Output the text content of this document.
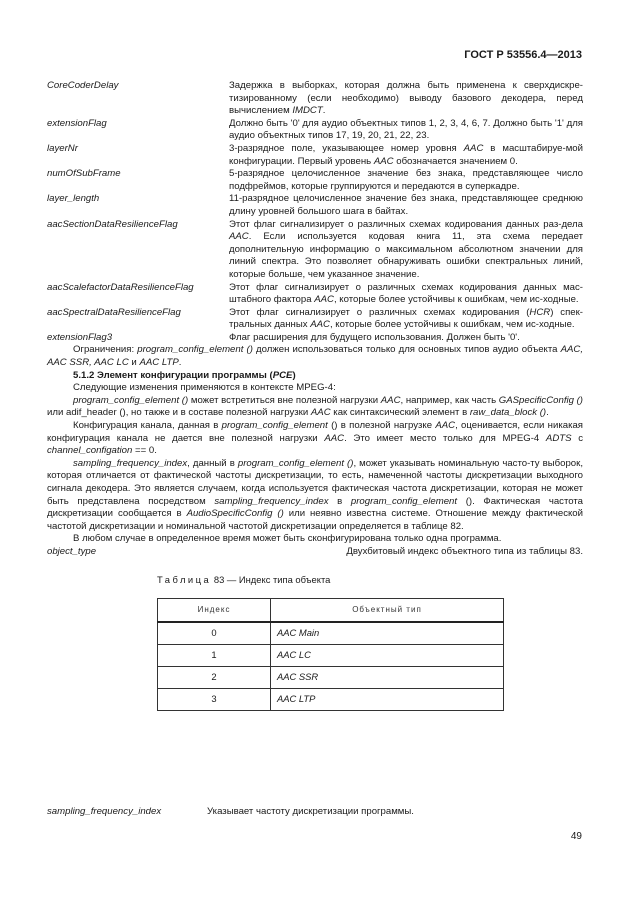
ГОСТ Р 53556.4—2013
CoreCoderDelay	Задержка в выборках, которая должна быть применена к сверхдискре-тизированному (если необходимо) выводу базового декодера, перед вычислением IMDCT.
extensionFlag	Должно быть '0' для аудио объектных типов 1, 2, 3, 4, 6, 7. Должно быть '1' для аудио объектных типов 17, 19, 20, 21, 22, 23.
layerNr	3-разрядное поле, указывающее номер уровня AAC в масштабируе-мой конфигурации. Первый уровень AAC обозначается значением 0.
numOfSubFrame	5-разрядное целочисленное значение без знака, представляющее число подфреймов, которые группируются и передаются в суперкадре.
layer_length	11-разрядное целочисленное значение без знака, представляющее среднюю длину уровней большого шага в байтах.
aacSectionDataResilienceFlag	Этот флаг сигнализирует о различных схемах кодирования данных раз-дела AAC. Если используется кодовая книга 11, эта схема передает дополнительную информацию о максимальном абсолютном значении для линий спектра. Это позволяет обнаруживать ошибки спектральных линий, которые больше, чем указанное значение.
aacScalefactorDataResilienceFlag	Этот флаг сигнализирует о различных схемах кодирования данных мас-штабного фактора AAC, которые более устойчивы к ошибкам, чем ис-ходные.
aacSpectralDataResilienceFlag	Этот флаг сигнализирует о различных схемах кодирования (HCR) спек-тральных данных AAC, которые более устойчивы к ошибкам, чем ис-ходные.
extensionFlag3	Флаг расширения для будущего использования. Должен быть '0'.

Ограничения: program_config_element () должен использоваться только для основных типов аудио объекта AAC, AAC SSR, AAC LC и AAC LTP.

5.1.2 Элемент конфигурации программы (PCE)

Следующие изменения применяются в контексте MPEG-4:

program_config_element () может встретиться вне полезной нагрузки AAC, например, как часть GASpecificConfig () или adif_header (), но также и в составе полезной нагрузки AAC как синтаксический элемент в raw_data_block ().

Конфигурация канала, данная в program_config_element () в полезной нагрузке AAC, оценивается, если никакая конфигурация канала не дается вне полезной нагрузки AAC. Это имеет место только для MPEG-4 ADTS с channel_configation == 0.

sampling_frequency_index, данный в program_config_element (), может указывать номинальную часто-ту выборок, которая отличается от фактической частоты дискретизации, то есть, намеченной частоты дискретизации выходного сигнала декодера. Это является случаем, когда используется фактическая частота дискретизации, которая не может быть представлена посредством sampling_frequency_index в program_config_element (). Фактическая частота дискретизации сообщается в AudioSpecificConfig () или неявно известна системе. Отношение между фактической частотой дискретизации и номинальной частотой дискретизации определяется в таблице 82.

В любом случае в определенное время может быть сконфигурирована только одна программа.

object_type	Двухбитовый индекс объектного типа из таблицы 83.
Таблица 83 — Индекс типа объекта
Индекс	Объектный тип
0	AAC Main
1	AAC LC
2	AAC SSR
3	AAC LTP
sampling_frequency_index	Указывает частоту дискретизации программы.
49
